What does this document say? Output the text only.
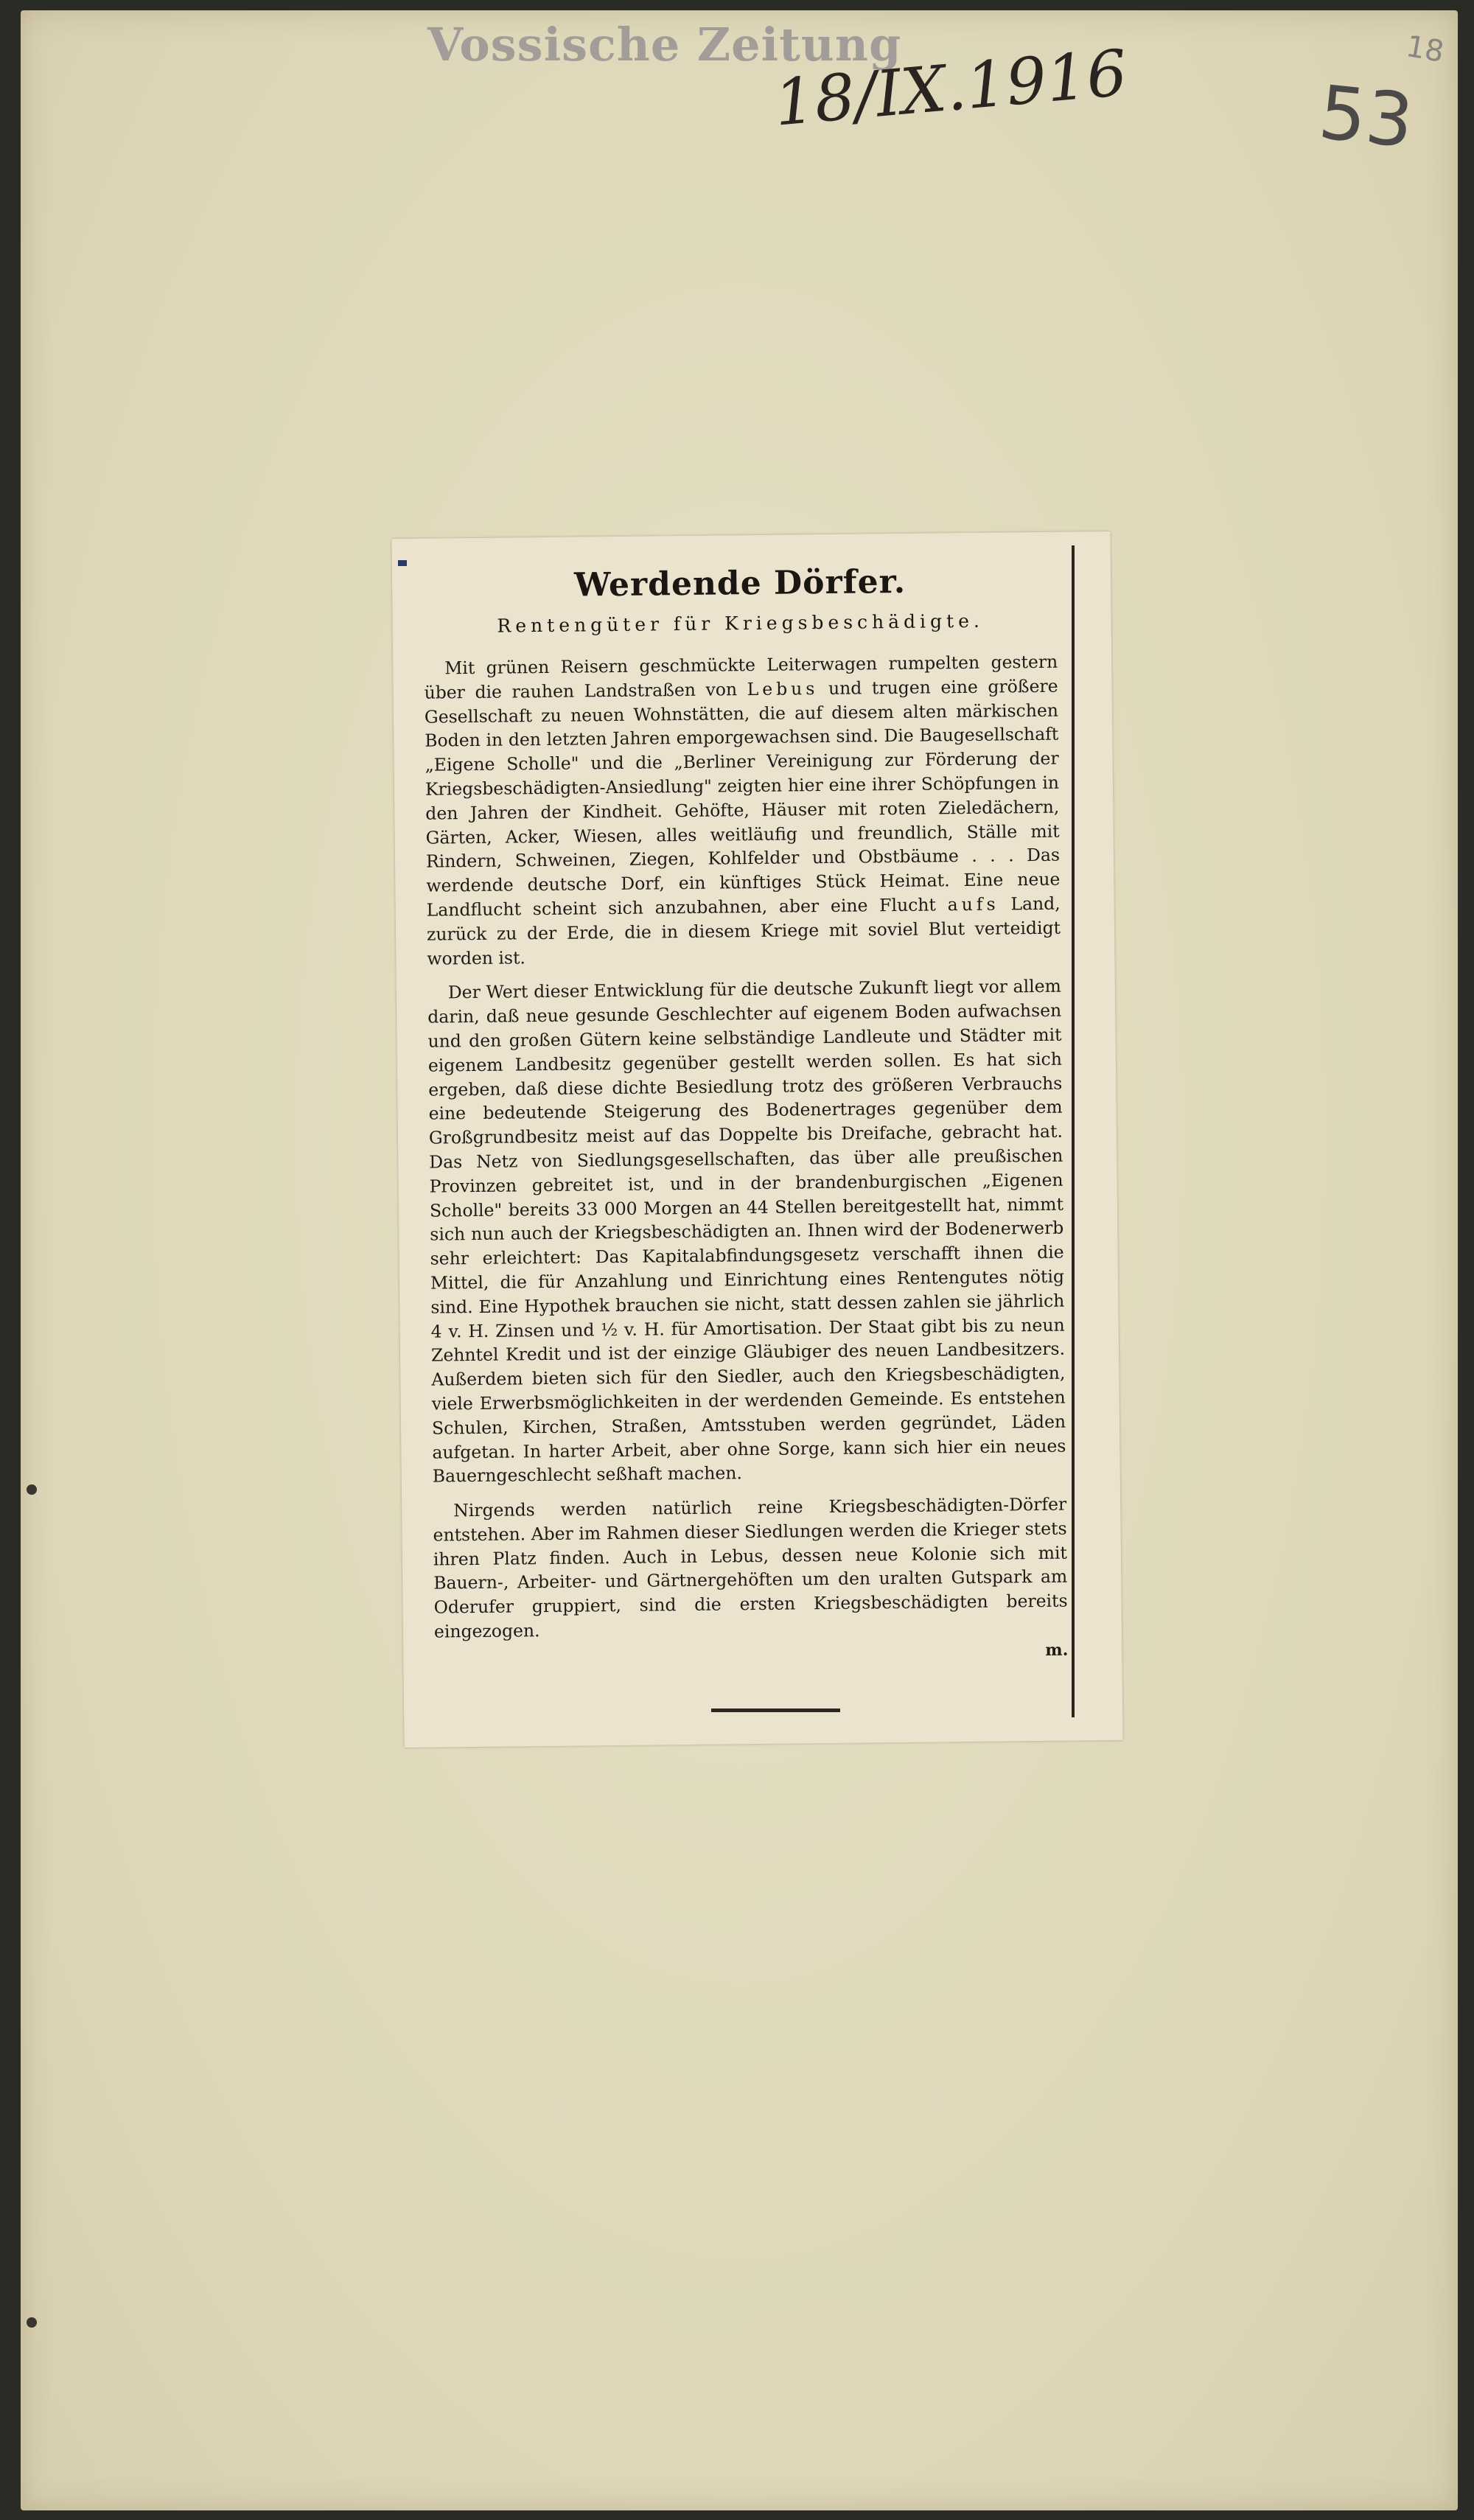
Vossische Zeitung
18/IX.1916	53
18
Werdende Dörfer.
Rentengüter für Kriegsbeschädigte.

Mit grünen Reisern geschmückte Leiterwagen rumpelten gestern über die rauhen Landstraßen von Lebus und trugen eine größere Gesellschaft zu neuen Wohnstätten, die auf diesem alten märkischen Boden in den letzten Jahren emporgewachsen sind. Die Baugesellschaft „Eigene Scholle" und die „Berliner Vereinigung zur Förderung der Kriegsbeschädigten-Ansiedlung" zeigten hier eine ihrer Schöpfungen in den Jahren der Kindheit. Gehöfte, Häuser mit roten Zieledächern, Gärten, Acker, Wiesen, alles weitläufig und freundlich, Ställe mit Rindern, Schweinen, Ziegen, Kohlfelder und Obstbäume . . . Das werdende deutsche Dorf, ein künftiges Stück Heimat. Eine neue Landflucht scheint sich anzubahnen, aber eine Flucht aufs Land, zurück zu der Erde, die in diesem Kriege mit soviel Blut verteidigt worden ist.

Der Wert dieser Entwicklung für die deutsche Zukunft liegt vor allem darin, daß neue gesunde Geschlechter auf eigenem Boden aufwachsen und den großen Gütern keine selbständige Landleute und Städter mit eigenem Landbesitz gegenüber gestellt werden sollen. Es hat sich ergeben, daß diese dichte Besiedlung trotz des größeren Verbrauchs eine bedeutende Steigerung des Bodenertrages gegenüber dem Großgrundbesitz meist auf das Doppelte bis Dreifache, gebracht hat. Das Netz von Siedlungsgesellschaften, das über alle preußischen Provinzen gebreitet ist, und in der brandenburgischen „Eigenen Scholle" bereits 33 000 Morgen an 44 Stellen bereitgestellt hat, nimmt sich nun auch der Kriegsbeschädigten an. Ihnen wird der Bodenerwerb sehr erleichtert: Das Kapitalabfindungsgesetz verschafft ihnen die Mittel, die für Anzahlung und Einrichtung eines Rentengutes nötig sind. Eine Hypothek brauchen sie nicht, statt dessen zahlen sie jährlich 4 v. H. Zinsen und ½ v. H. für Amortisation. Der Staat gibt bis zu neun Zehntel Kredit und ist der einzige Gläubiger des neuen Landbesitzers. Außerdem bieten sich für den Siedler, auch den Kriegsbeschädigten, viele Erwerbsmöglichkeiten in der werdenden Gemeinde. Es entstehen Schulen, Kirchen, Straßen, Amtsstuben werden gegründet, Läden aufgetan. In harter Arbeit, aber ohne Sorge, kann sich hier ein neues Bauerngeschlecht seßhaft machen.

Nirgends werden natürlich reine Kriegsbeschädigten-Dörfer entstehen. Aber im Rahmen dieser Siedlungen werden die Krieger stets ihren Platz finden. Auch in Lebus, dessen neue Kolonie sich mit Bauern-, Arbeiter- und Gärtnergehöften um den uralten Gutspark am Oderufer gruppiert, sind die ersten Kriegsbeschädigten bereits eingezogen.

m.
